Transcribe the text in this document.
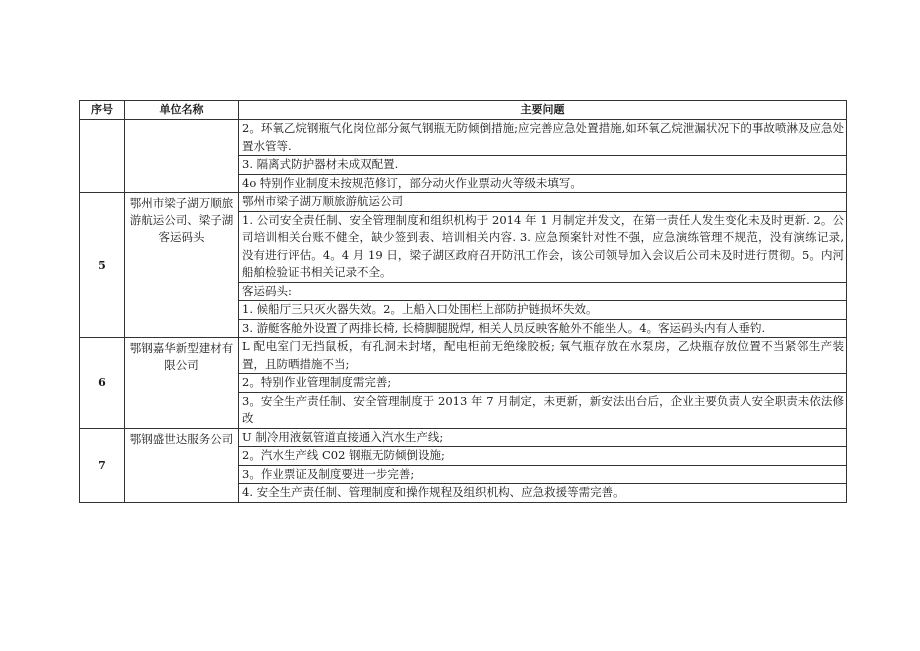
序号	单位名称	主要问题

		2。环氧乙烷钢瓶气化岗位部分氮气钢瓶无防倾倒措施;应完善应急处置措施,如环氧乙烷泄漏状况下的事故喷淋及应急处置水管等.
3. 隔离式防护器材未成双配置.
4o 特别作业制度未按规范修订，部分动火作业票动火等级未填写。

5	鄂州市梁子湖万顺旅游航运公司、梁子湖客运码头	鄂州市梁子湖万顺旅游航运公司
1. 公司安全责任制、安全管理制度和组织机构于 2014 年 1 月制定并发文，在第一责任人发生变化未及时更新. 2。公司培训相关台账不健全，缺少签到表、培训相关内容. 3. 应急预案针对性不强，应急演练管理不规范，没有演练记录, 没有进行评估。4。4 月 19 日，梁子湖区政府召开防汛工作会，该公司领导加入会议后公司未及时进行贯彻。5。内河船舶检验证书相关记录不全。
客运码头:
1. 候船厅三只灭火器失效。2。上船入口处围栏上部防护链损坏失效。
3. 游艇客舱外设置了两排长椅, 长椅脚腿脱焊, 相关人员反映客舱外不能坐人。4。客运码头内有人垂钓.

6	鄂钢嘉华新型建材有限公司	L 配电室门无挡鼠板，有孔洞未封堵，配电柜前无绝缘胶板; 氧气瓶存放在水泵房，乙炔瓶存放位置不当紧邻生产装置，且防晒措施不当;
2。特别作业管理制度需完善;
3。安全生产责任制、安全管理制度于 2013 年 7 月制定，未更新，新安法出台后，企业主要负责人安全职责未依法修改

7	鄂钢盛世达服务公司	U 制冷用液氨管道直接通入汽水生产线;
2。汽水生产线 C02 钢瓶无防倾倒设施;
3。作业票证及制度要进一步完善;
4. 安全生产责任制、管理制度和操作规程及组织机构、应急救援等需完善。
